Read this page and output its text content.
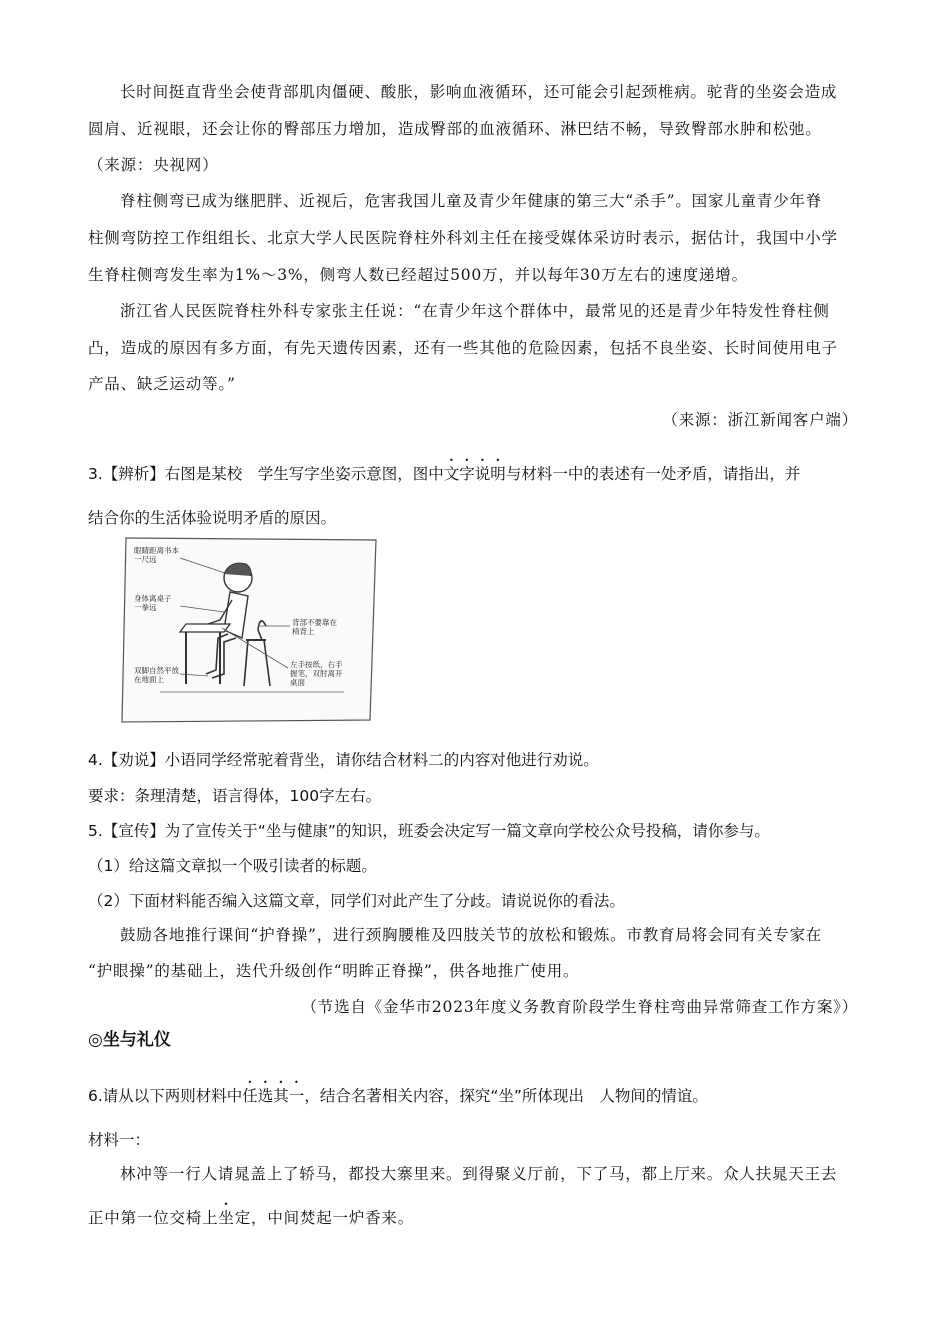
长时间挺直背坐会使背部肌肉僵硬、酸胀，影响血液循环，还可能会引起颈椎病。驼背的坐姿会造成
圆肩、近视眼，还会让你的臀部压力增加，造成臀部的血液循环、淋巴结不畅，导致臀部水肿和松弛。
（来源：央视网）
脊柱侧弯已成为继肥胖、近视后，危害我国儿童及青少年健康的第三大“杀手”。国家儿童青少年脊
柱侧弯防控工作组组长、北京大学人民医院脊柱外科刘主任在接受媒体采访时表示，据估计，我国中小学
生脊柱侧弯发生率为1%～3%，侧弯人数已经超过500万，并以每年30万左右的速度递增。
浙江省人民医院脊柱外科专家张主任说：“在青少年这个群体中，最常见的还是青少年特发性脊柱侧
凸，造成的原因有多方面，有先天遗传因素，还有一些其他的危险因素，包括不良坐姿、长时间使用电子
产品、缺乏运动等。”
（来源：浙江新闻客户端）
3.【辨析】右图是某校　学生写字坐姿示意图，图中文字说明与材料一中的表述有一处矛盾，请指出，并
结合你的生活体验说明矛盾的原因。
眼睛距离书本
一尺远
身体离桌子
一拳远
背部不要靠在
椅背上
双脚自然平放
在地面上
左手按纸，右手
握笔，双肘离开
桌面
4.【劝说】小语同学经常驼着背坐，请你结合材料二的内容对他进行劝说。
要求：条理清楚，语言得体，100字左右。
5.【宣传】为了宣传关于“坐与健康”的知识，班委会决定写一篇文章向学校公众号投稿，请你参与。
（1）给这篇文章拟一个吸引读者的标题。
（2）下面材料能否编入这篇文章，同学们对此产生了分歧。请说说你的看法。
鼓励各地推行课间“护脊操”，进行颈胸腰椎及四肢关节的放松和锻炼。市教育局将会同有关专家在
“护眼操”的基础上，迭代升级创作“明眸正脊操”，供各地推广使用。
（节选自《金华市2023年度义务教育阶段学生脊柱弯曲异常筛查工作方案》）
◎坐与礼仪
6.请从以下两则材料中任选其一，结合名著相关内容，探究“坐”所体现出　人物间的情谊。
材料一：
林冲等一行人请晁盖上了轿马，都投大寨里来。到得聚义厅前，下了马，都上厅来。众人扶晁天王去
正中第一位交椅上坐定，中间焚起一炉香来。
